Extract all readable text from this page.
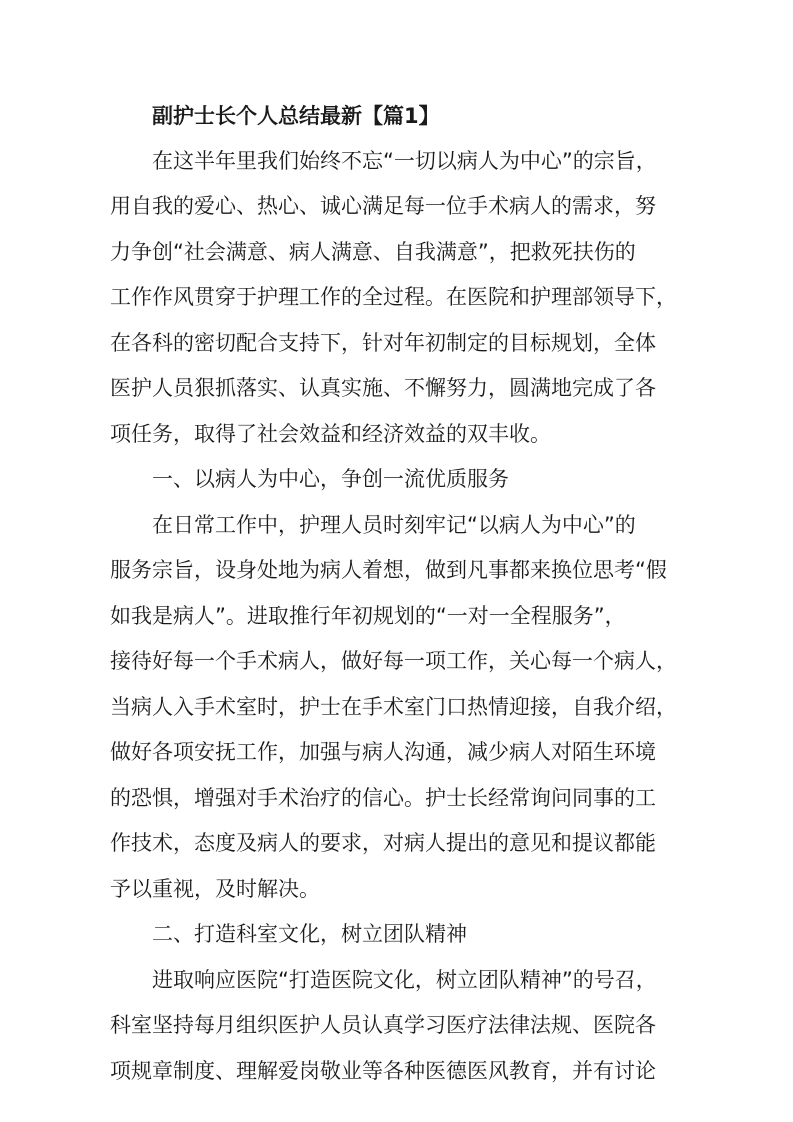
副护士长个人总结最新【篇1】
在这半年里我们始终不忘“一切以病人为中心”的宗旨，
用自我的爱心、热心、诚心满足每一位手术病人的需求，努
力争创“社会满意、病人满意、自我满意”，把救死扶伤的
工作作风贯穿于护理工作的全过程。在医院和护理部领导下，
在各科的密切配合支持下，针对年初制定的目标规划，全体
医护人员狠抓落实、认真实施、不懈努力，圆满地完成了各
项任务，取得了社会效益和经济效益的双丰收。
一、以病人为中心，争创一流优质服务
在日常工作中，护理人员时刻牢记“以病人为中心”的
服务宗旨，设身处地为病人着想，做到凡事都来换位思考“假
如我是病人”。进取推行年初规划的“一对一全程服务”，
接待好每一个手术病人，做好每一项工作，关心每一个病人，
当病人入手术室时，护士在手术室门口热情迎接，自我介绍，
做好各项安抚工作，加强与病人沟通，减少病人对陌生环境
的恐惧，增强对手术治疗的信心。护士长经常询问同事的工
作技术，态度及病人的要求，对病人提出的意见和提议都能
予以重视，及时解决。
二、打造科室文化，树立团队精神
进取响应医院“打造医院文化，树立团队精神”的号召，
科室坚持每月组织医护人员认真学习医疗法律法规、医院各
项规章制度、理解爱岗敬业等各种医德医风教育，并有讨论
